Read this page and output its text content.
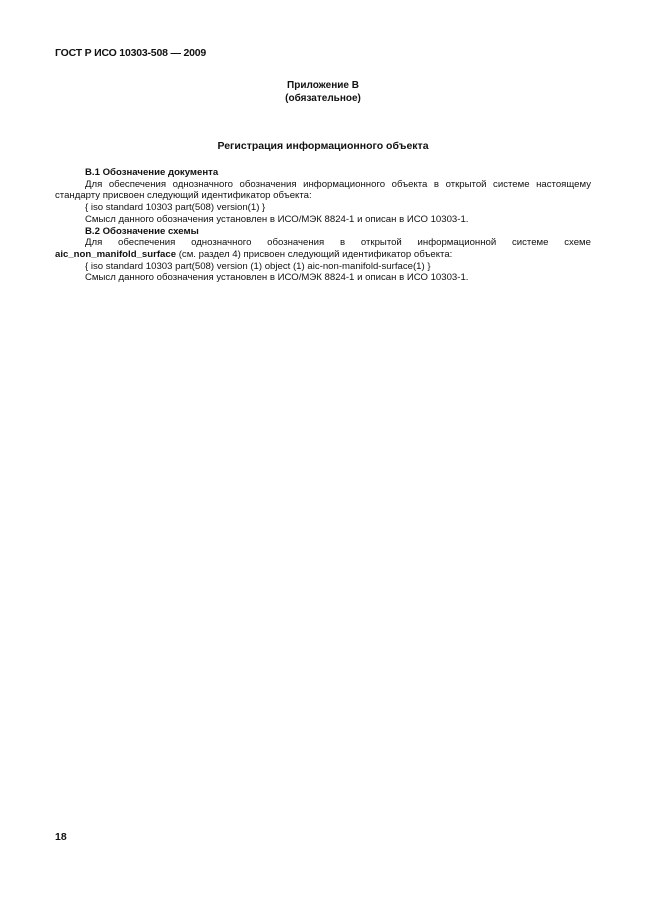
ГОСТ Р ИСО 10303-508 — 2009
Приложение В
(обязательное)
Регистрация информационного объекта
В.1 Обозначение документа
Для обеспечения однозначного обозначения информационного объекта в открытой системе настоящему
стандарту присвоен следующий идентификатор объекта:
{ iso standard 10303 part(508) version(1) }
Смысл данного обозначения установлен в ИСО/МЭК 8824-1 и описан в ИСО 10303-1.
В.2 Обозначение схемы
Для обеспечения однозначного обозначения в открытой информационной системе схеме
aic_non_manifold_surface (см. раздел 4) присвоен следующий идентификатор объекта:
{ iso standard 10303 part(508) version (1) object (1) aic-non-manifold-surface(1) }
Смысл данного обозначения установлен в ИСО/МЭК 8824-1 и описан в ИСО 10303-1.
18
